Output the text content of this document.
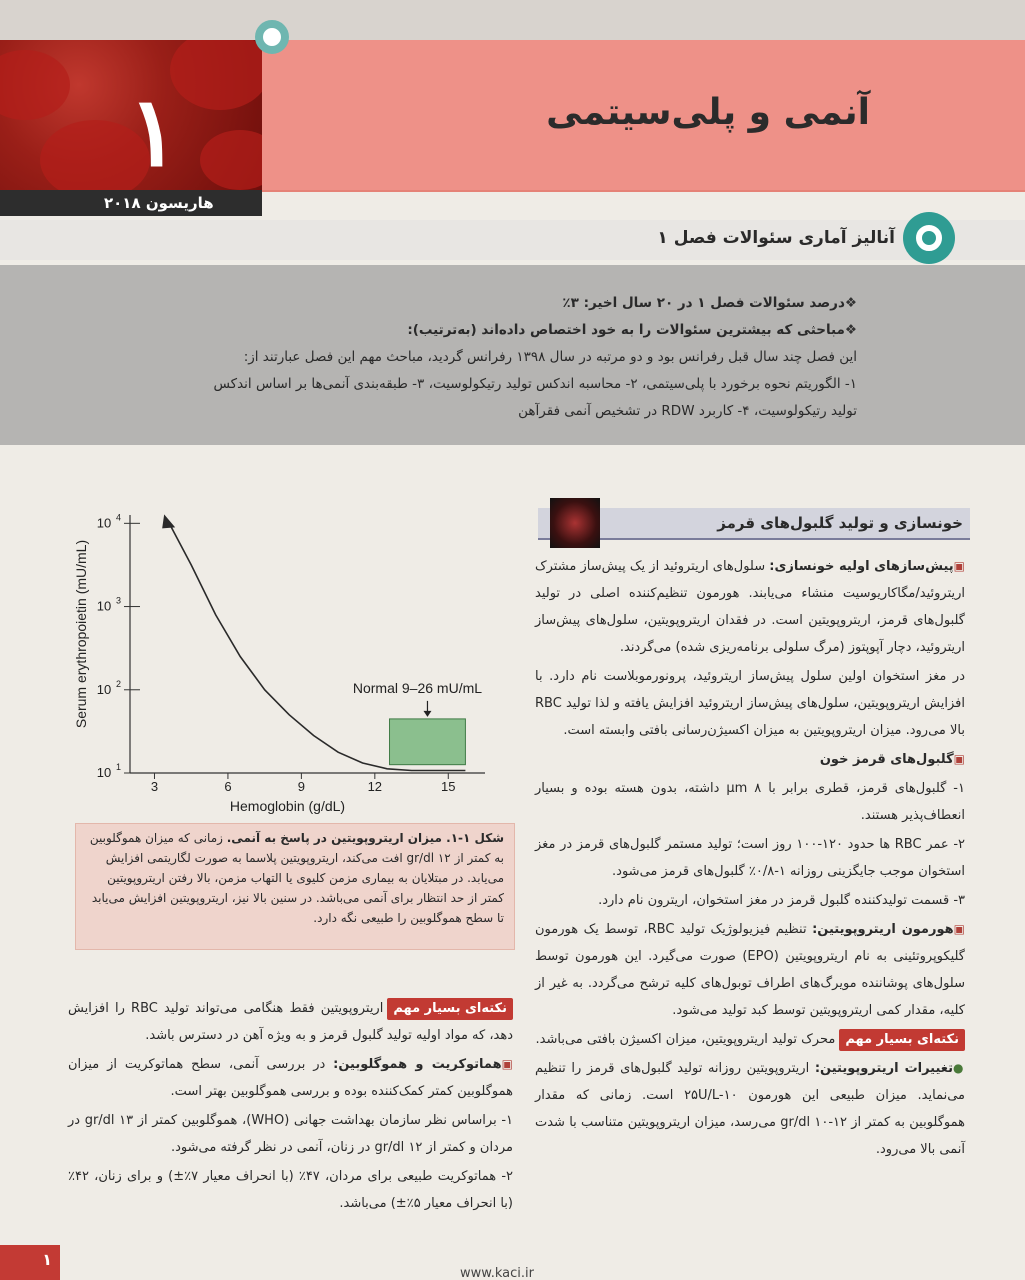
١
هاریسون ۲۰۱۸
آنمی و پلی‌سیتمی
آنالیز آماری سئوالات فصل ١
❖ درصد سئوالات فصل ١ در ٢٠ سال اخیر: ٣٪
❖ مباحثی که بیشترین سئوالات را به خود اختصاص داده‌اند (به‌ترتیب):
این فصل چند سال قبل رفرانس بود و دو مرتبه در سال ۱۳۹۸ رفرانس گردید، مباحث مهم این فصل عبارتند از:
۱- الگوریتم نحوه برخورد با پلی‌سیتمی، ۲- محاسبه اندکس تولید رتیکولوسیت، ۳- طبقه‌بندی آنمی‌ها بر اساس اندکس
تولید رتیکولوسیت، ۴- کاربرد RDW در تشخیص آنمی فقرآهن
3	6	9	12	15
10 4
10 3
10 2
10 1
Hemoglobin (g/dL)
Serum erythropoietin (mU/mL)	Normal 9–26 mU/mL
شکل ١-١. میزان اریتروپویتین در پاسخ به آنمی. زمانی که میزان هموگلوبین به کمتر از ۱۲ gr/dl افت می‌کند، اریتروپویتین پلاسما به صورت لگاریتمی افزایش می‌یابد. در مبتلایان به بیماری مزمن کلیوی یا التهاب مزمن، بالا رفتن اریتروپویتین کمتر از حد انتظار برای آنمی می‌باشد. در سنین بالا نیز، اریتروپویتین افزایش می‌یابد تا سطح هموگلوبین را طبیعی نگه دارد.
خونسازی و تولید گلبول‌های قرمز

▣ پیش‌سازهای اولیه خونسازی: سلول‌های اریتروئید از یک پیش‌ساز مشترک اریتروئید/مگاکاریوسیت منشاء می‌یابند. هورمون تنظیم‌کننده اصلی در تولید گلبول‌های قرمز، اریتروپویتین است. در فقدان اریتروپویتین، سلول‌های پیش‌ساز اریتروئید، دچار آپوپتوز (مرگ سلولی برنامه‌ریزی شده) می‌گردند.

در مغز استخوان اولین سلول پیش‌ساز اریتروئید، پرونورموبلاست نام دارد. با افزایش اریتروپویتین، سلول‌های پیش‌ساز اریتروئید افزایش یافته و لذا تولید RBC بالا می‌رود. میزان اریتروپویتین به میزان اکسیژن‌رسانی بافتی وابسته است.

▣ گلبول‌های قرمز خون

۱- گلبول‌های قرمز، قطری برابر با ۸ μm داشته، بدون هسته بوده و بسیار انعطاف‌پذیر هستند.

۲- عمر RBC ها حدود ۱۲۰-۱۰۰ روز است؛ تولید مستمر گلبول‌های قرمز در مغز استخوان موجب جایگزینی روزانه ۱-۰/۸٪ گلبول‌های قرمز می‌شود.

۳- قسمت تولیدکننده گلبول قرمز در مغز استخوان، اریترون نام دارد.

▣ هورمون اریتروپویتین: تنظیم فیزیولوژیک تولید RBC، توسط یک هورمون گلیکوپروتئینی به نام اریتروپویتین (EPO) صورت می‌گیرد. این هورمون توسط سلول‌های پوشاننده مویرگ‌های اطراف توبول‌های کلیه ترشح می‌گردد. به غیر از کلیه، مقدار کمی اریتروپویتین توسط کبد تولید می‌شود.

نکته‌ای بسیار مهممحرک تولید اریتروپویتین، میزان اکسیژن بافتی می‌باشد.

● تغییرات اریتروپویتین: اریتروپویتین روزانه تولید گلبول‌های قرمز را تنظیم می‌نماید. میزان طبیعی این هورمون ۲۵U/L-۱۰ است. زمانی که مقدار هموگلوبین به کمتر از ۱۲-۱۰ gr/dl می‌رسد، میزان اریتروپویتین متناسب با شدت آنمی بالا می‌رود.

نکته‌ای بسیار مهماریتروپویتین فقط هنگامی می‌تواند تولید RBC را افزایش دهد، که مواد اولیه تولید گلبول قرمز و به ویژه آهن در دسترس باشد.

▣ هماتوکریت و هموگلوبین: در بررسی آنمی، سطح هماتوکریت از میزان هموگلوبین کمتر کمک‌کننده بوده و بررسی هموگلوبین بهتر است.

۱- براساس نظر سازمان بهداشت جهانی (WHO)، هموگلوبین کمتر از ۱۳ gr/dl در مردان و کمتر از ۱۲ gr/dl در زنان، آنمی در نظر گرفته می‌شود.

۲- هماتوکریت طبیعی برای مردان، ۴۷٪ (با انحراف معیار ۷٪±) و برای زنان، ۴۲٪ (با انحراف معیار ۵٪±) می‌باشد.

١
www.kaci.ir
